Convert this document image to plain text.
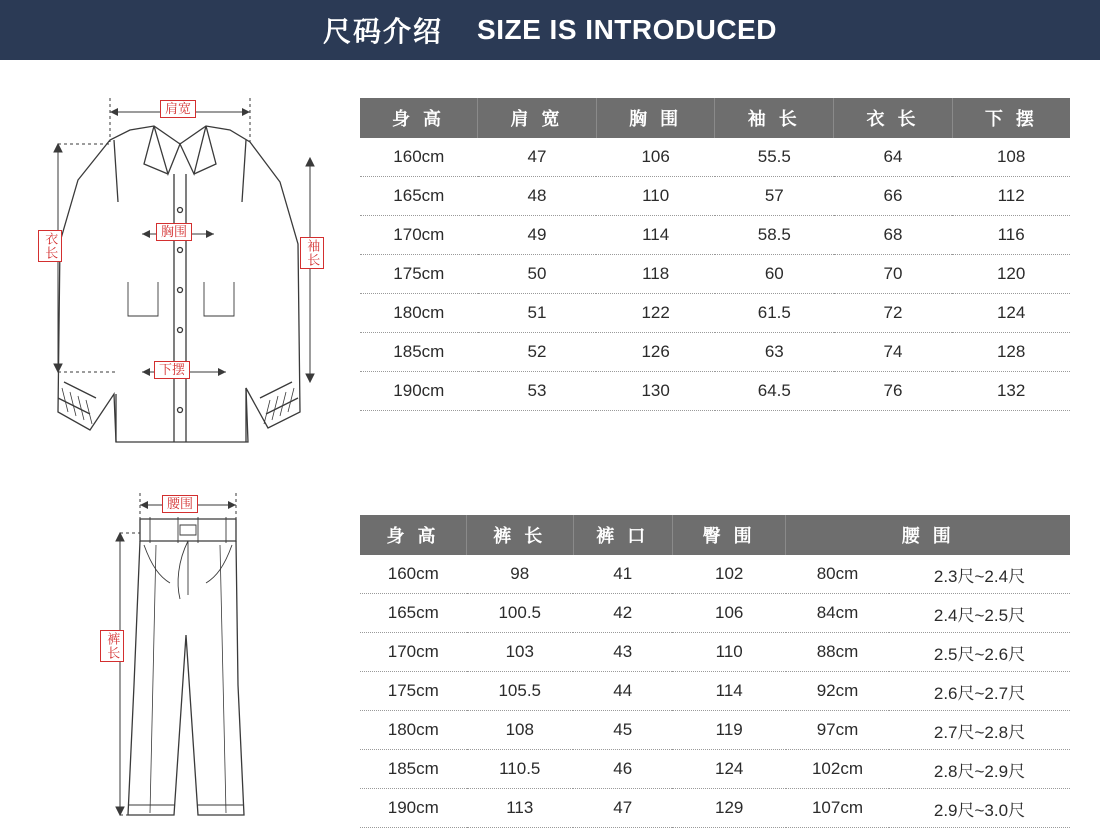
尺码介绍 SIZE IS INTRODUCED
肩宽
胸围
衣长	袖长
下摆
身 高	肩 宽	胸 围	袖 长	衣 长	下 摆
160cm	47	106	55.5	64	108
165cm	48	110	57	66	112
170cm	49	114	58.5	68	116
175cm	50	118	60	70	120
180cm	51	122	61.5	72	124
185cm	52	126	63	74	128
190cm	53	130	64.5	76	132
腰围
裤长
身 高	裤 长	裤 口	臀 围	腰 围	
160cm	98	41	102	80cm	2.3尺~2.4尺
165cm	100.5	42	106	84cm	2.4尺~2.5尺
170cm	103	43	110	88cm	2.5尺~2.6尺
175cm	105.5	44	114	92cm	2.6尺~2.7尺
180cm	108	45	119	97cm	2.7尺~2.8尺
185cm	110.5	46	124	102cm	2.8尺~2.9尺
190cm	113	47	129	107cm	2.9尺~3.0尺
